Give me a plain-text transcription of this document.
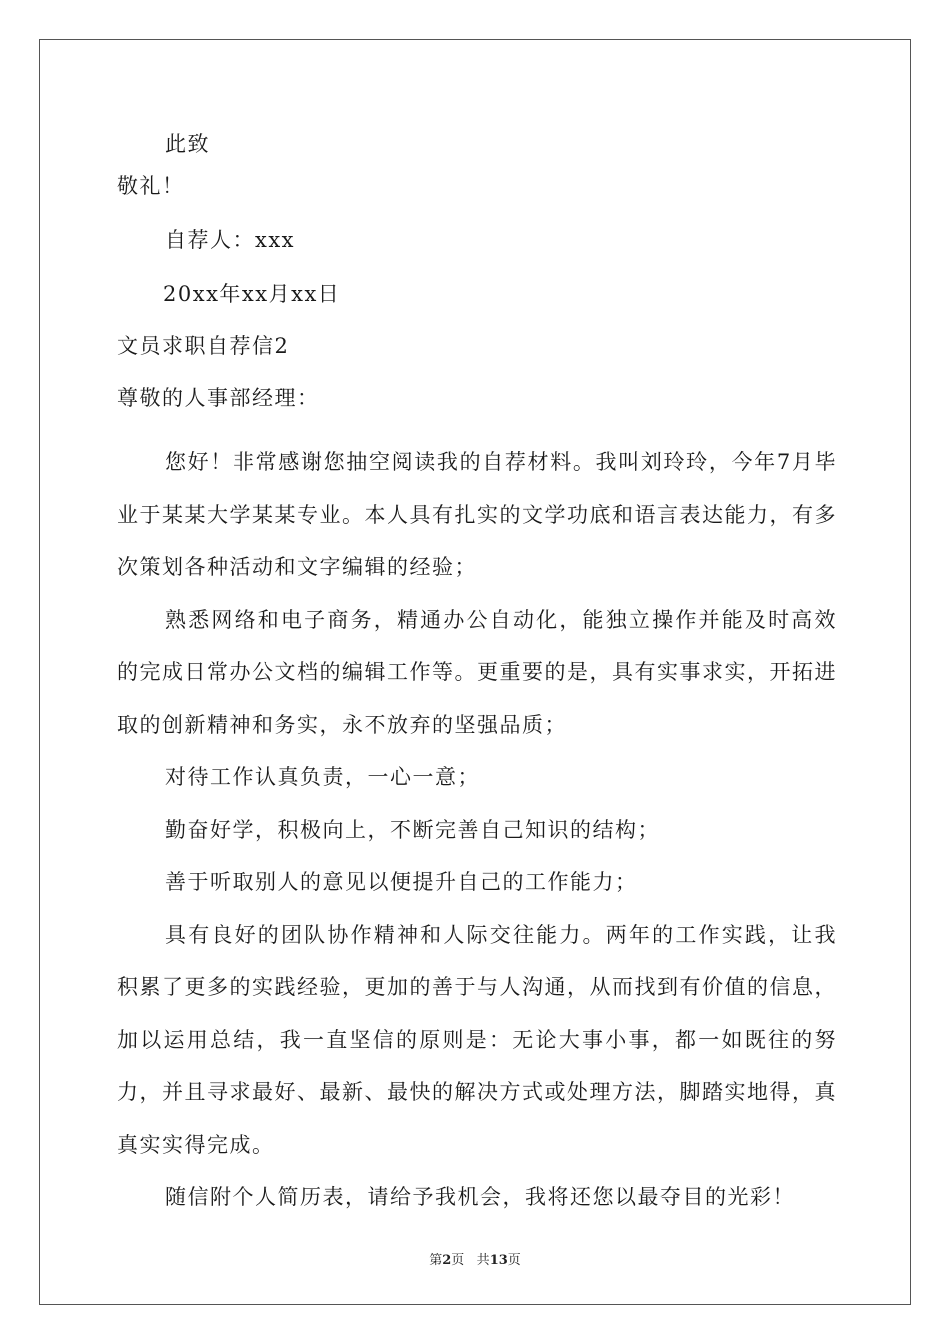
此致
敬礼！
自荐人：xxx
20xx年xx月xx日
文员求职自荐信2
尊敬的人事部经理：

您好！非常感谢您抽空阅读我的自荐材料。我叫刘玲玲，今年7月毕业于某某大学某某专业。本人具有扎实的文学功底和语言表达能力，有多次策划各种活动和文字编辑的经验；

熟悉网络和电子商务，精通办公自动化，能独立操作并能及时高效的完成日常办公文档的编辑工作等。更重要的是，具有实事求实，开拓进取的创新精神和务实，永不放弃的坚强品质；

对待工作认真负责，一心一意；

勤奋好学，积极向上，不断完善自己知识的结构；

善于听取别人的意见以便提升自己的工作能力；

具有良好的团队协作精神和人际交往能力。两年的工作实践，让我积累了更多的实践经验，更加的善于与人沟通，从而找到有价值的信息，加以运用总结，我一直坚信的原则是：无论大事小事，都一如既往的努力，并且寻求最好、最新、最快的解决方式或处理方法，脚踏实地得，真真实实得完成。

随信附个人简历表，请给予我机会，我将还您以最夺目的光彩！

第2页 共13页
